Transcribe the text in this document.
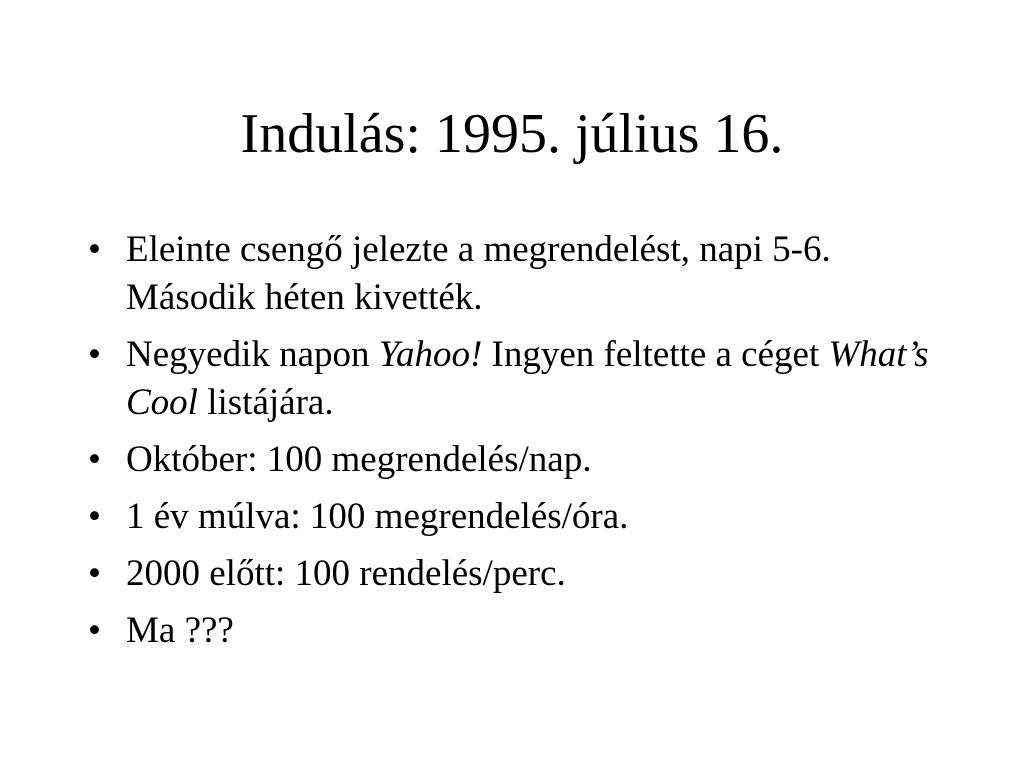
Indulás: 1995. július 16.
• Eleinte csengő jelezte a megrendelést, napi 5-6. Második héten kivették.
• Negyedik napon Yahoo! Ingyen feltette a céget What’s Cool listájára.
• Október: 100 megrendelés/nap.
• 1 év múlva: 100 megrendelés/óra.
• 2000 előtt: 100 rendelés/perc.
• Ma ???
